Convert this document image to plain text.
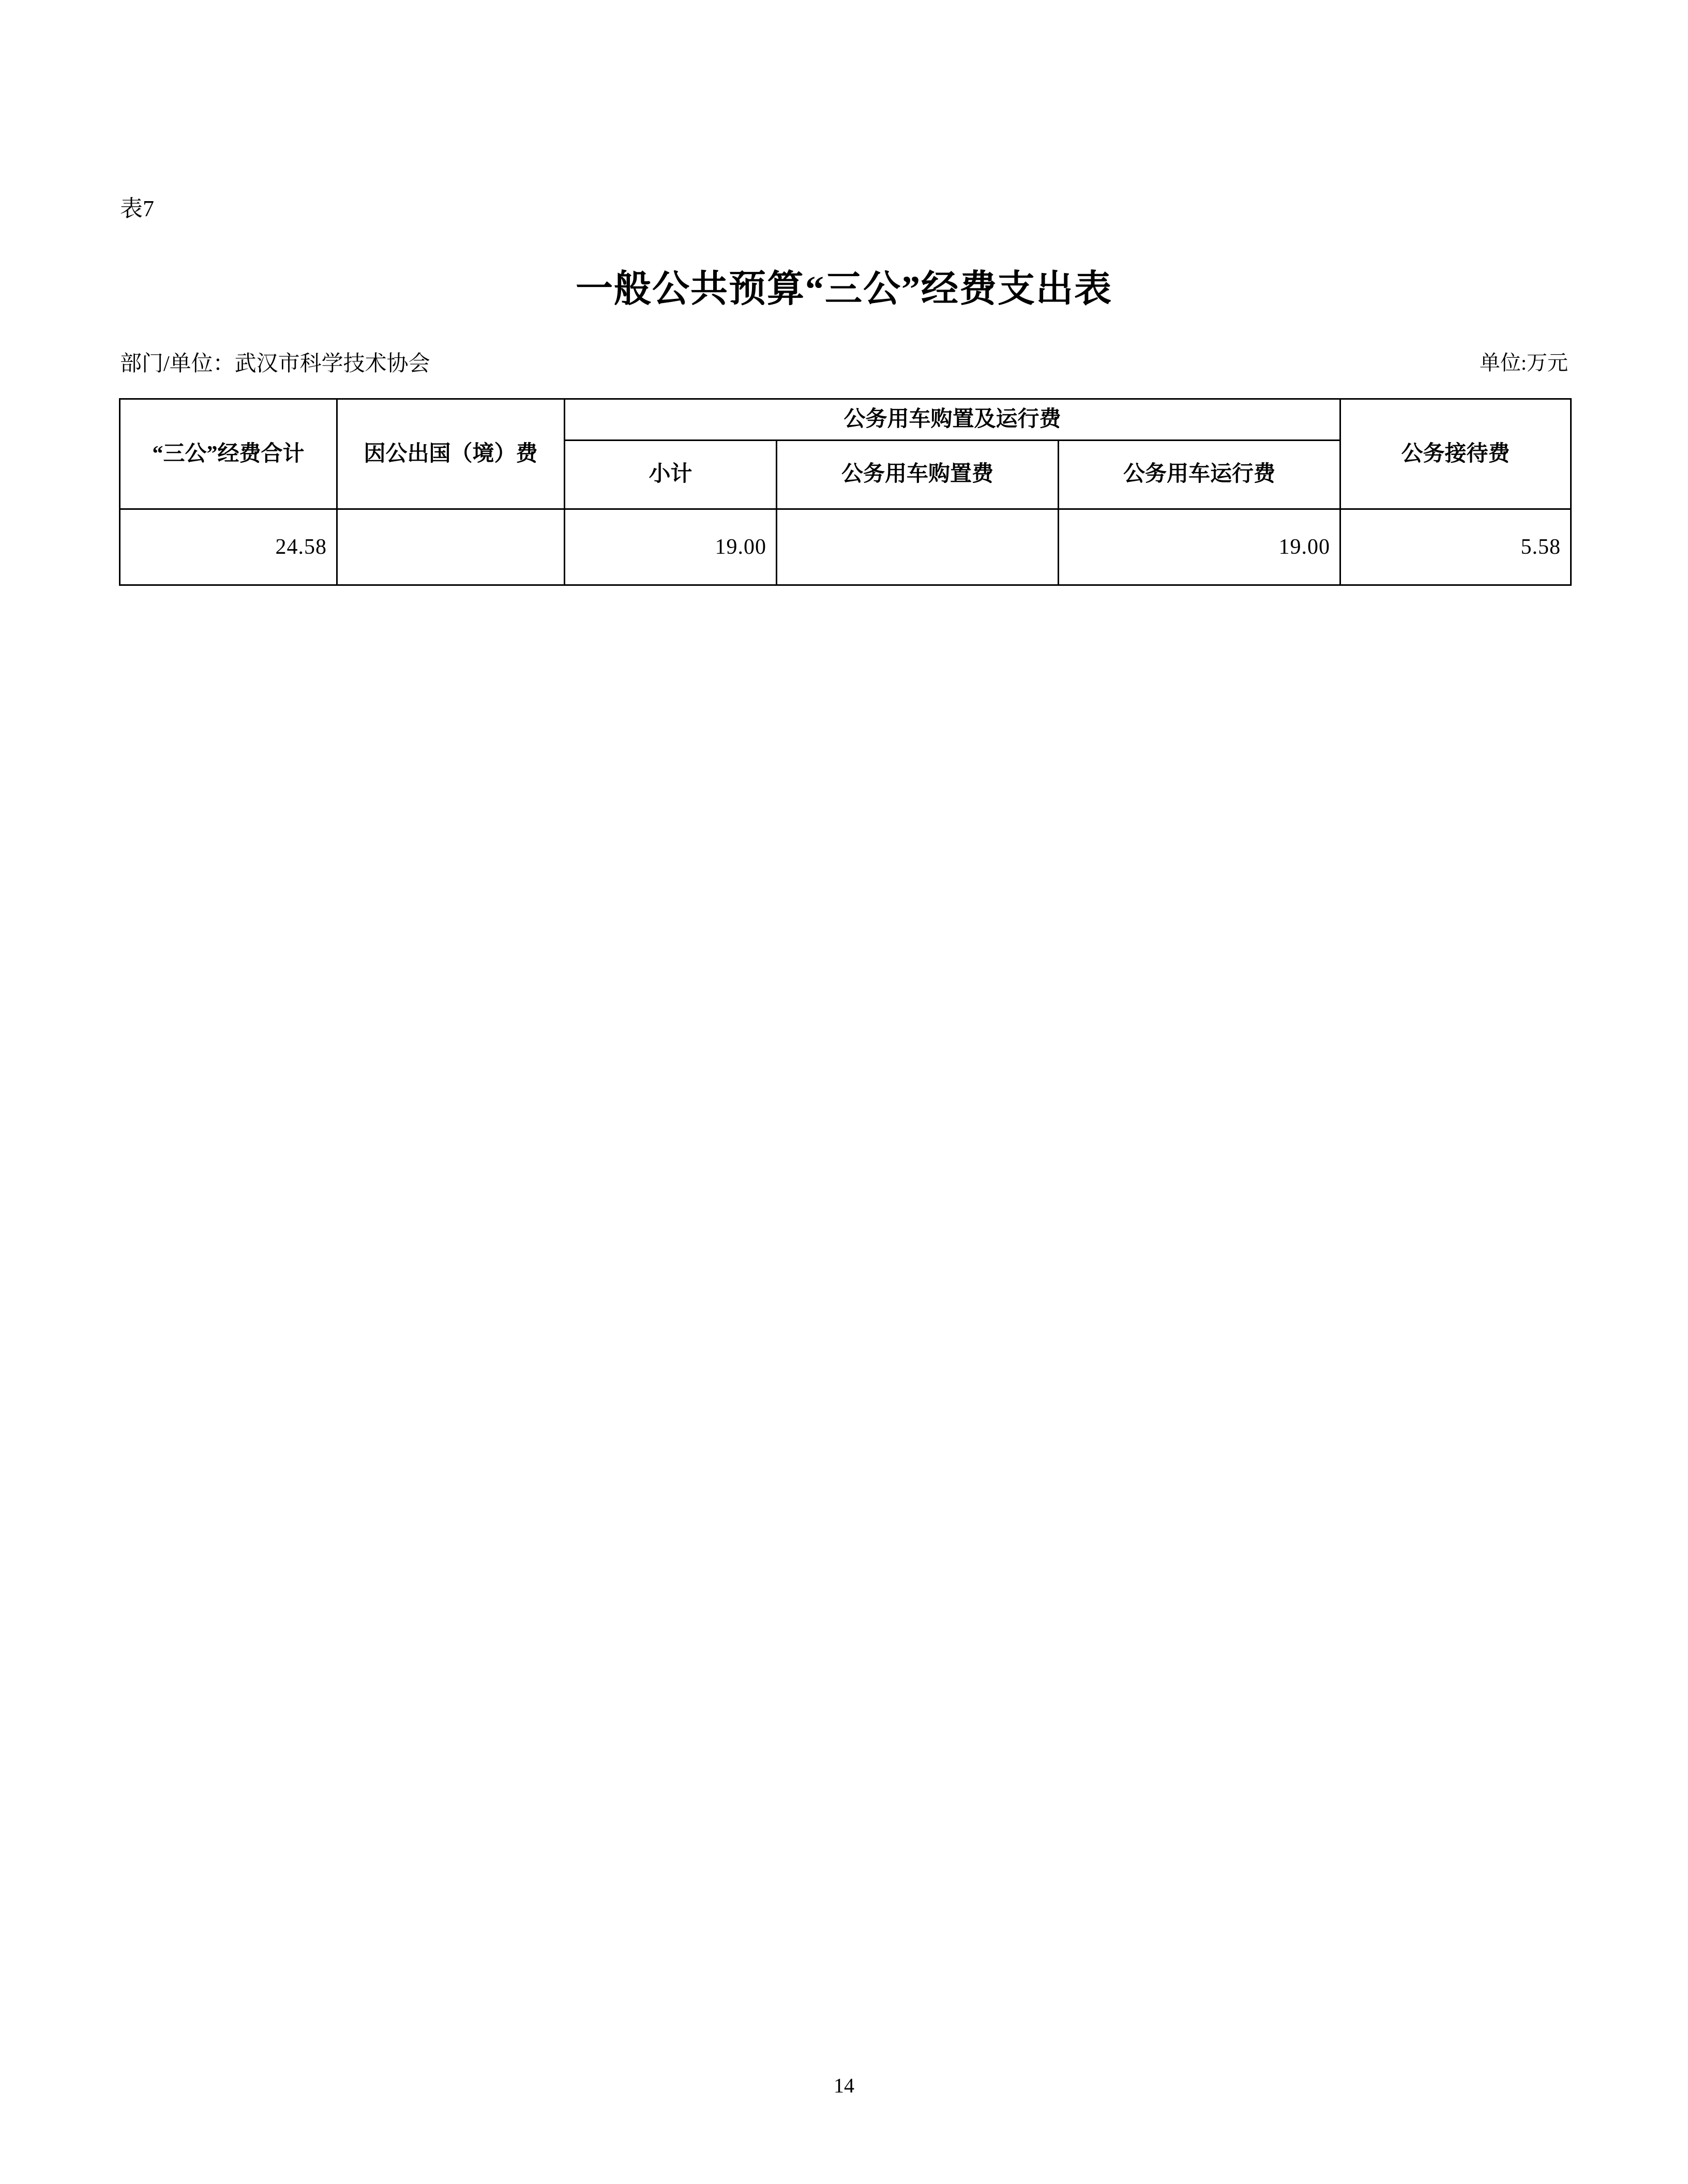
表7
一般公共预算“三公”经费支出表
部门/单位：武汉市科学技术协会	单位:万元
“三公”经费合计	因公出国（境）费	公务用车购置及运行费			公务接待费
		小计	公务用车购置费	公务用车运行费	
24.58		19.00		19.00	5.58
14
